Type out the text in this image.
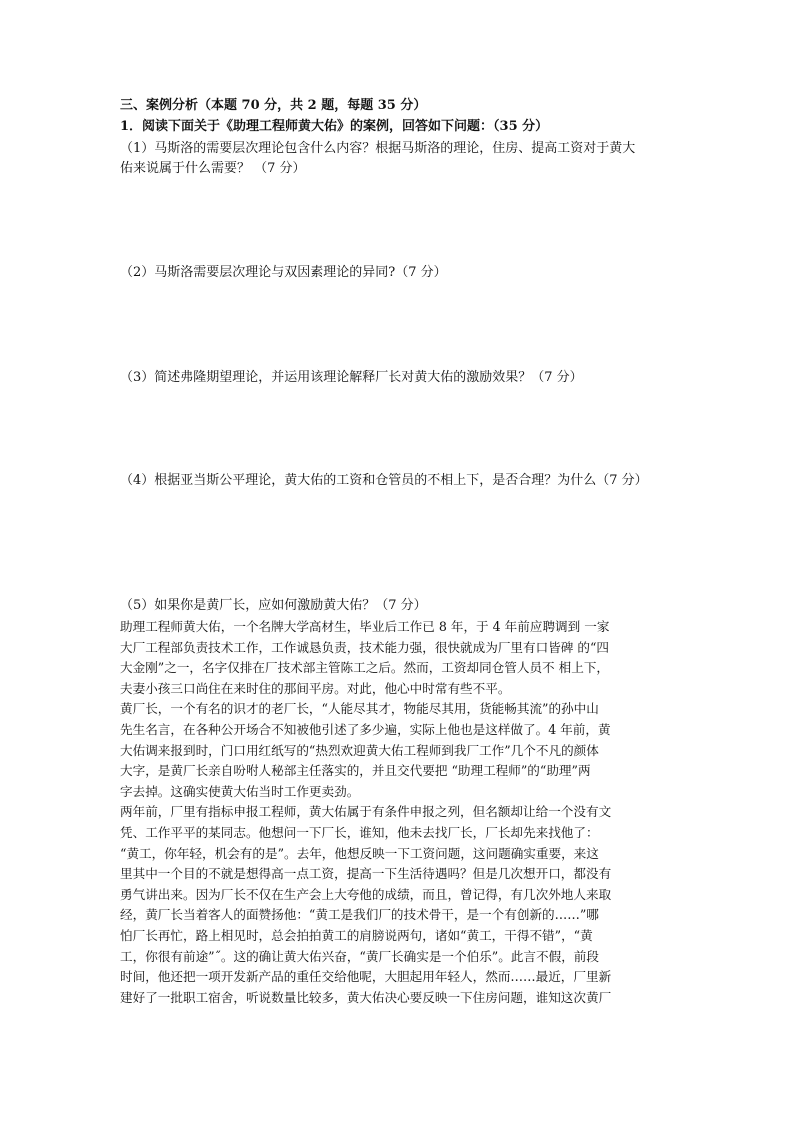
三、案例分析（本题 70 分，共 2 题，每题 35 分）
1．阅读下面关于《助理工程师黄大佑》的案例，回答如下问题：（35 分）
（1）马斯洛的需要层次理论包含什么内容？根据马斯洛的理论，住房、提高工资对于黄大
佑来说属于什么需要？ （7 分）
（2）马斯洛需要层次理论与双因素理论的异同?（7 分）
（3）简述弗隆期望理论，并运用该理论解释厂长对黄大佑的激励效果？（7 分）
（4）根据亚当斯公平理论，黄大佑的工资和仓管员的不相上下，是否合理？为什么（7 分）
（5）如果你是黄厂长，应如何激励黄大佑？（7 分）
助理工程师黄大佑，一个名牌大学高材生，毕业后工作已 8 年，于 4 年前应聘调到 一家
大厂工程部负责技术工作，工作诚恳负责，技术能力强，很快就成为厂里有口皆碑 的“四
大金刚”之一，名字仅排在厂技术部主管陈工之后。然而，工资却同仓管人员不 相上下，
夫妻小孩三口尚住在来时住的那间平房。对此，他心中时常有些不平。
黄厂长，一个有名的识才的老厂长，“人能尽其才，物能尽其用，货能畅其流”的孙中山
先生名言，在各种公开场合不知被他引述了多少遍，实际上他也是这样做了。4 年前，黄
大佑调来报到时，门口用红纸写的“热烈欢迎黄大佑工程师到我厂工作”几个不凡的颜体
大字，是黄厂长亲自吩咐人秘部主任落实的，并且交代要把 “助理工程师”的“助理”两
字去掉。这确实使黄大佑当时工作更卖劲。
两年前，厂里有指标申报工程师，黄大佑属于有条件申报之列，但名额却让给一个没有文
凭、工作平平的某同志。他想问一下厂长，谁知，他未去找厂长，厂长却先来找他了：
“黄工，你年轻，机会有的是”。去年，他想反映一下工资问题，这问题确实重要，来这
里其中一个目的不就是想得高一点工资，提高一下生活待遇吗？但是几次想开口，都没有
勇气讲出来。因为厂长不仅在生产会上大夸他的成绩，而且，曾记得，有几次外地人来取
经，黄厂长当着客人的面赞扬他：“黄工是我们厂的技术骨干，是一个有创新的……”哪
怕厂长再忙，路上相见时，总会拍拍黄工的肩膀说两句，诸如“黄工，干得不错”，“黄
工，你很有前途”˝。这的确让黄大佑兴奋，“黄厂长确实是一个伯乐”。此言不假，前段
时间，他还把一项开发新产品的重任交给他呢，大胆起用年轻人，然而……最近，厂里新
建好了一批职工宿舍，听说数量比较多，黄大佑决心要反映一下住房问题，谁知这次黄厂
